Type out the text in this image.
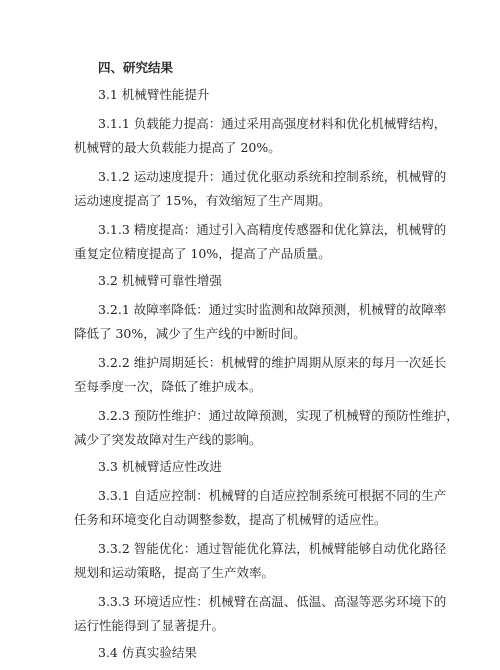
四、研究结果
3.1 机械臂性能提升
3.1.1 负载能力提高：通过采用高强度材料和优化机械臂结构，
机械臂的最大负载能力提高了 20%。
3.1.2 运动速度提升：通过优化驱动系统和控制系统，机械臂的
运动速度提高了 15%，有效缩短了生产周期。
3.1.3 精度提高：通过引入高精度传感器和优化算法，机械臂的
重复定位精度提高了 10%，提高了产品质量。
3.2 机械臂可靠性增强
3.2.1 故障率降低：通过实时监测和故障预测，机械臂的故障率
降低了 30%，减少了生产线的中断时间。
3.2.2 维护周期延长：机械臂的维护周期从原来的每月一次延长
至每季度一次，降低了维护成本。
3.2.3 预防性维护：通过故障预测，实现了机械臂的预防性维护，
减少了突发故障对生产线的影响。
3.3 机械臂适应性改进
3.3.1 自适应控制：机械臂的自适应控制系统可根据不同的生产
任务和环境变化自动调整参数，提高了机械臂的适应性。
3.3.2 智能优化：通过智能优化算法，机械臂能够自动优化路径
规划和运动策略，提高了生产效率。
3.3.3 环境适应性：机械臂在高温、低温、高湿等恶劣环境下的
运行性能得到了显著提升。
3.4 仿真实验结果
